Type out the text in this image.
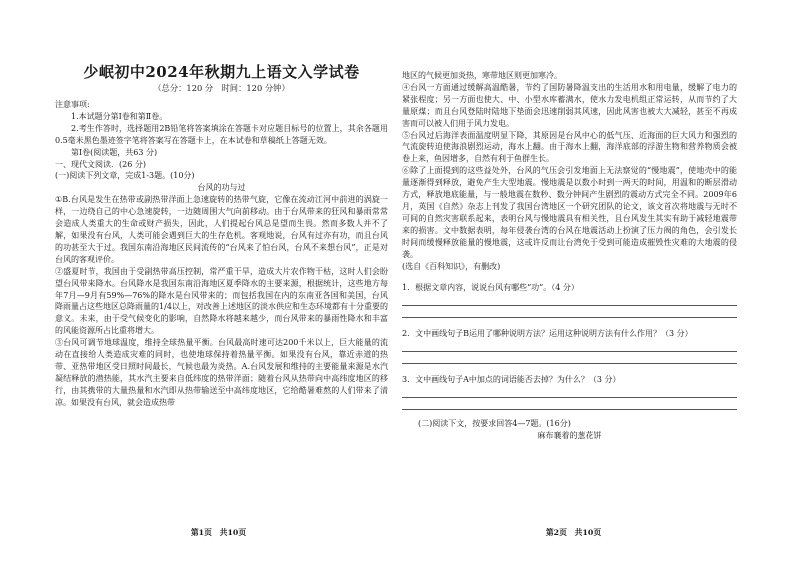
少岷初中2024年秋期九上语文入学试卷
（总分：120 分　时间：120 分钟）

注意事项:

1.本试题分第Ⅰ卷和第Ⅱ卷。

2.考生作答时，选择题用2B铅笔将答案填涂在答题卡对应题目标号的位置上，其余各题用0.5毫米黑色墨迹签字笔将答案写在答题卡上，在本试卷和草稿纸上答题无效。

第Ⅰ卷(阅读题，共63 分)

一、现代文阅读．(26 分)

(一)阅读下列文章，完成1-3题。(10分)

台风的功与过

①B.台风是发生在热带或副热带洋面上急速旋转的热带气旋，它像在流动江河中前进的涡旋一样，一边绕自己的中心急速旋转，一边随周围大气向前移动。由于台风带来的狂风和暴雨常常会造成人类重大的生命或财产损失，因此，人们提起台风总是望而生畏。然而多数人并不了解，如果没有台风，人类可能会遇到巨大的生存危机。客观地说，台风有过亦有功，而且台风的功甚至大于过。我国东南沿海地区民间流传的“台风来了怕台风，台风不来想台风”，正是对台风的客观评价。

②盛夏时节，我国由于受副热带高压控制，常严重干旱，造成大片农作物干枯，这时人们会盼望台风带来降水。台风降水是我国东南沿海地区夏季降水的主要来源，根据统计，这些地方每年7月—9月有59%—76%的降水是台风带来的；而包括我国在内的东南亚各国和美国，台风降雨量占这些地区总降雨量的1/4以上，对改善上述地区的淡水供应和生态环境都有十分重要的意义。未来，由于受气候变化的影响，自然降水将越来越少，而台风带来的暴雨性降水和丰富的风能资源所占比重将增大。

③台风可调节地球温度，维持全球热量平衡。台风最高时速可达200千米以上，巨大能量的流动在直接给人类造成灾难的同时，也使地球保持着热量平衡。如果没有台风，靠近赤道的热带、亚热带地区受日照时间最长，气候也最为炎热。A.台风发展和维持的主要能量来源是水汽凝结释放的潜热能，其水汽主要来自低纬度的热带洋面；随着台风从热带向中高纬度地区的移行，由其携带的大量热量和水汽即从热带输送至中高纬度地区，它给酷暑难熬的人们带来了清凉。如果没有台风，就会造成热带

第1页　共10页

地区的气候更加炎热，寒带地区则更加寒冷。

④台风一方面通过缓解高温酷暑，节约了国防暑降温支出的生活用水和用电量，缓解了电力的紧张程度；另一方面也使大、中、小型水库蓄满水，使水力发电机组正常运转，从而节约了大量原煤；而且台风登陆时陆地下垫面会迅速削弱其风速，因此风害也被大大减轻，甚至不再成害而可以被人们用于风力发电。

⑤台风过后海洋表面温度明显下降，其原因是台风中心的低气压、近海面的巨大风力和强烈的气流旋转迫使海浪剧烈运动，海水上翻。由于海水上翻，海洋底部的浮游生物和营养物质会被卷上来，鱼因增多，自然有利于鱼群生长。

⑥除了上面提到的这些益处外，台风的气压会引发地面上无法察觉的“慢地震”，使地壳中的能量逐渐得到释放，避免产生大型地震。慢地震是以数小时到一两天的时间，用温和的断层滑动方式，释放地底能量，与一般地震在数秒、数分钟间产生剧烈的震动方式完全不同。2009年6月，英国《自然》杂志上刊发了我国台湾地区一个研究团队的论文，该文首次将地震与无时不可间的自然灾害联系起来，表明台风与慢地震具有相关性，且台风发生其实有助于减轻地震带来的损害。文中数据表明，每年侵袭台湾的台风在地震活动上扮演了压力阀的角色，会引发长时间而缓慢释放能量的慢地震，这或许反而让台湾免于受到可能造成摧毁性灾难的大地震的侵袭。

(选自《百科知识》，有删改)

1．根据文章内容，说说台风有哪些“功”。（4 分）

2．文中画线句子B运用了哪种说明方法？运用这种说明方法有什么作用？（3 分）

3．文中画线句子A中加点的词语能否去掉？为什么？（3 分）

(二)阅读下文，按要求回答4—7题。(16分)

麻布襄着的葱花饼

第2页　共10页
